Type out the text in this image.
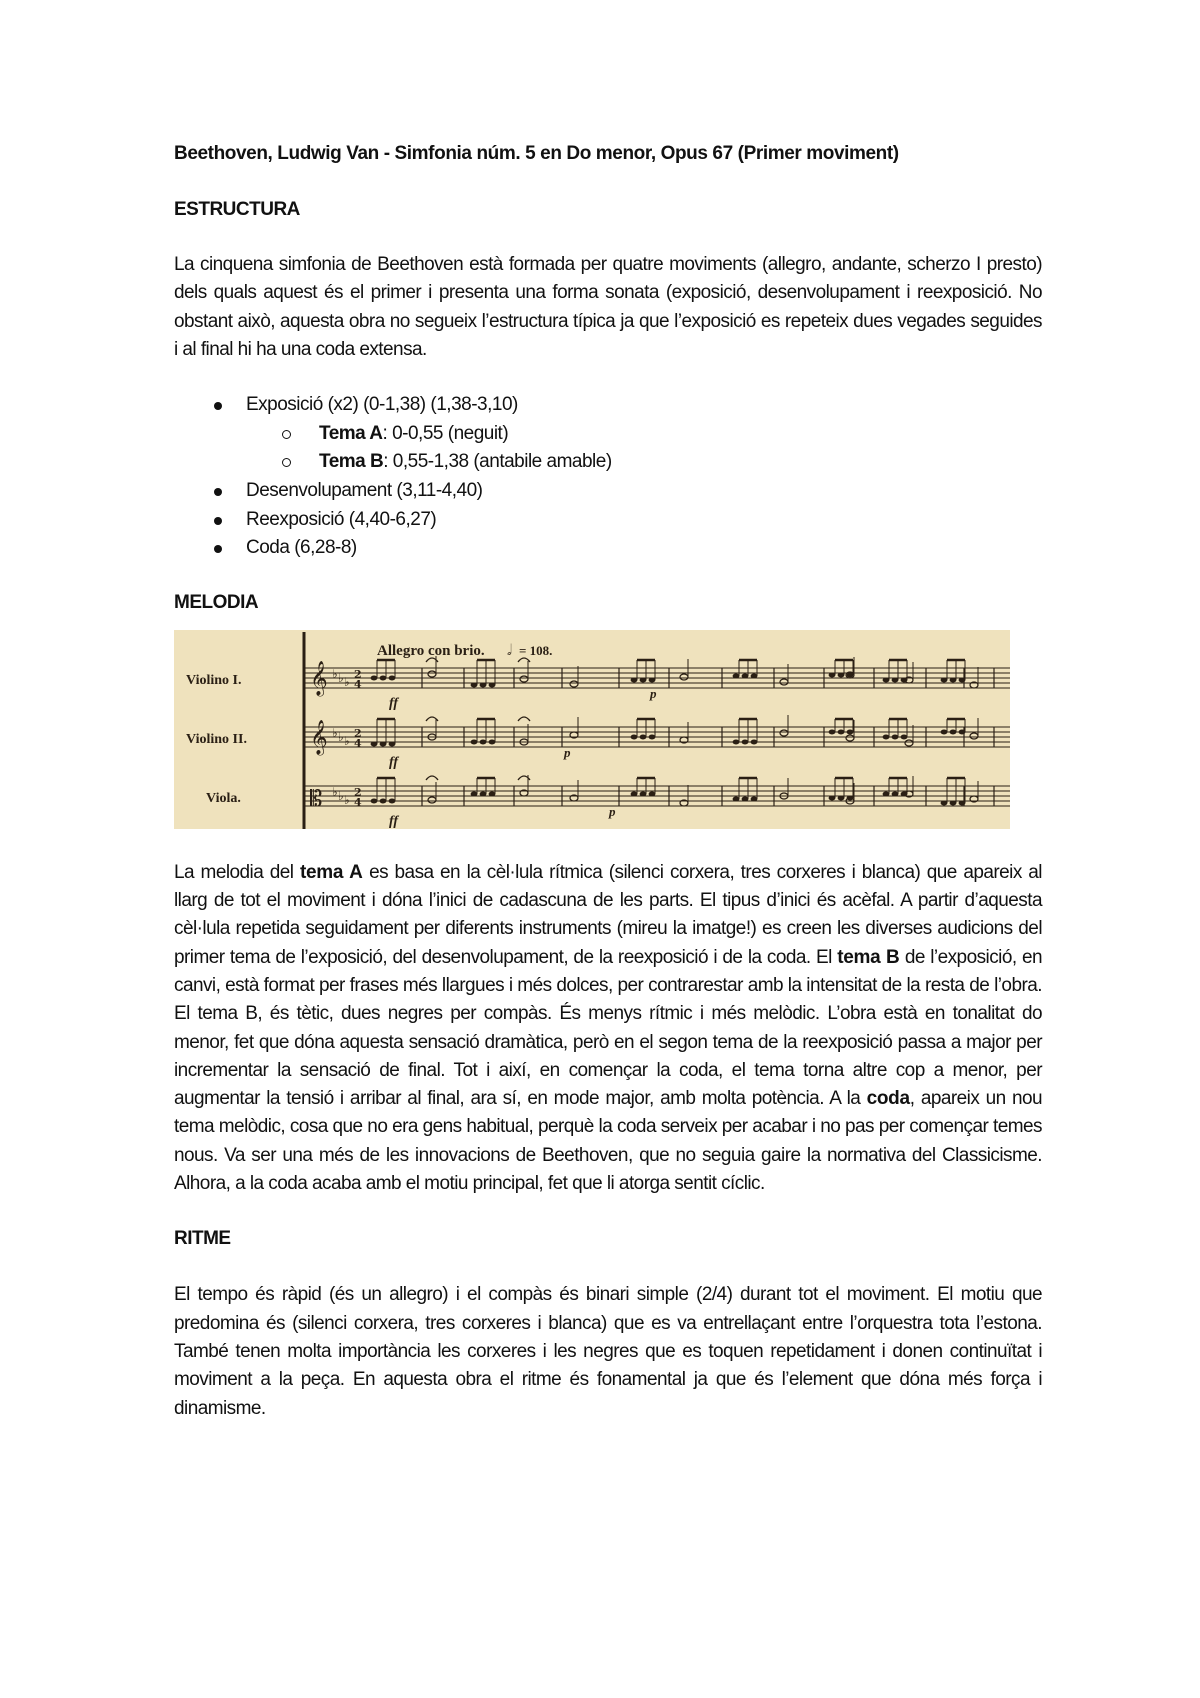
Beethoven, Ludwig Van - Simfonia núm. 5 en Do menor, Opus 67 (Primer moviment)

ESTRUCTURA

La cinquena simfonia de Beethoven està formada per quatre moviments (allegro, andante, scherzo I presto) dels quals aquest és el primer i presenta una forma sonata (exposició, desenvolupament i reexposició. No obstant això, aquesta obra no segueix l’estructura típica ja que l’exposició es repeteix dues vegades seguides i al final hi ha una coda extensa.

Exposició (x2) (0-1,38) (1,38-3,10)
Tema A: 0-0,55 (neguit)
Tema B: 0,55-1,38 (antabile amable)
Desenvolupament (3,11-4,40)
Reexposició (4,40-6,27)
Coda (6,28-8)

MELODIA

𝄞 ♭ ♭ ♭
2
4
𝄞 ♭ ♭ ♭
2
4
𝄡 ♭ ♭ ♭
2
4
Allegro con brio. 𝅗𝅥 = 108.
Violino I.
Violino II.
Viola.
ff
ff
ff
p
p
p

La melodia del tema A es basa en la cèl·lula rítmica (silenci corxera, tres corxeres i blanca) que apareix al llarg de tot el moviment i dóna l’inici de cadascuna de les parts. El tipus d’inici és acèfal. A partir d’aquesta cèl·lula repetida seguidament per diferents instruments (mireu la imatge!) es creen les diverses audicions del primer tema de l’exposició, del desenvolupament, de la reexposició i de la coda. El tema B de l’exposició, en canvi, està format per frases més llargues i més dolces, per contrarestar amb la intensitat de la resta de l’obra. El tema B, és tètic, dues negres per compàs. És menys rítmic i més melòdic. L’obra està en tonalitat do menor, fet que dóna aquesta sensació dramàtica, però en el segon tema de la reexposició passa a major per incrementar la sensació de final. Tot i així, en començar la coda, el tema torna altre cop a menor, per augmentar la tensió i arribar al final, ara sí, en mode major, amb molta potència. A la coda, apareix un nou tema melòdic, cosa que no era gens habitual, perquè la coda serveix per acabar i no pas per començar temes nous. Va ser una més de les innovacions de Beethoven, que no seguia gaire la normativa del Classicisme. Alhora, a la coda acaba amb el motiu principal, fet que li atorga sentit cíclic.

RITME

El tempo és ràpid (és un allegro) i el compàs és binari simple (2/4) durant tot el moviment. El motiu que predomina és (silenci corxera, tres corxeres i blanca) que es va entrellaçant entre l’orquestra tota l’estona. També tenen molta importància les corxeres i les negres que es toquen repetidament i donen continuïtat i moviment a la peça. En aquesta obra el ritme és fonamental ja que és l’element que dóna més força i dinamisme.
